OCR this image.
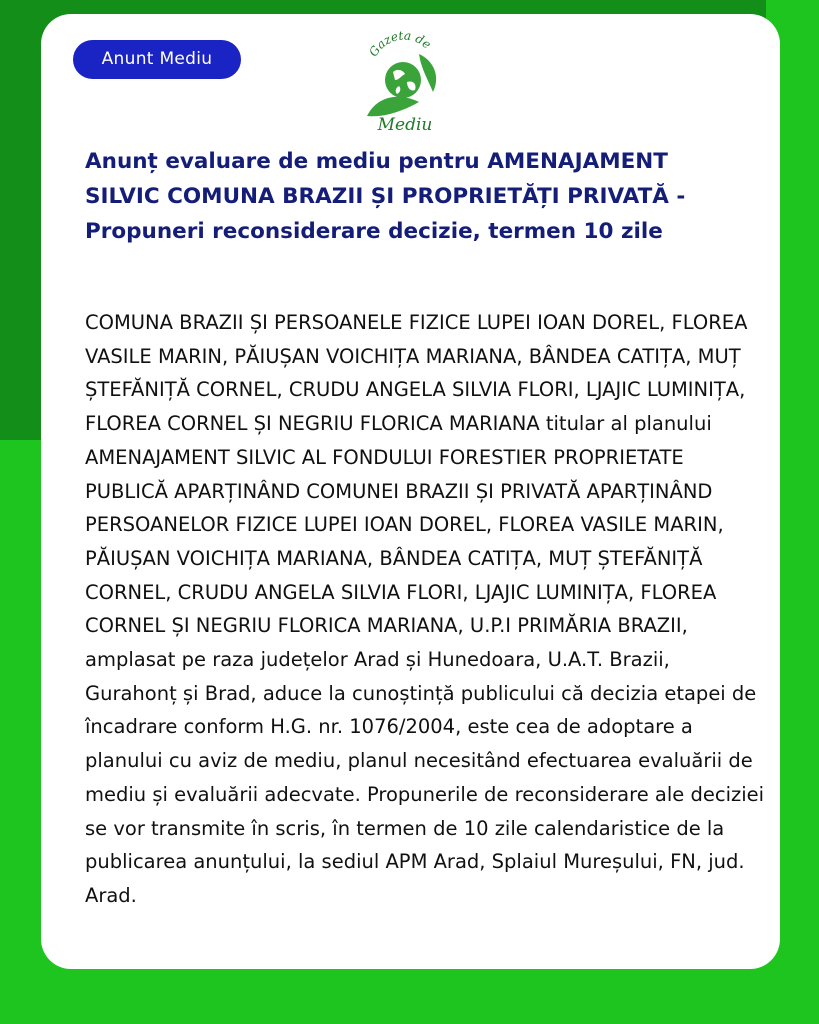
Anunt Mediu	Gazeta de
Mediu
Anunț evaluare de mediu pentru AMENAJAMENT SILVIC COMUNA BRAZII ȘI PROPRIETĂȚI PRIVATĂ - Propuneri reconsiderare decizie, termen 10 zile

COMUNA BRAZII ȘI PERSOANELE FIZICE LUPEI IOAN DOREL, FLOREA VASILE MARIN, PĂIUȘAN VOICHIȚA MARIANA, BÂNDEA CATIȚA, MUȚ ȘTEFĂNIȚĂ CORNEL, CRUDU ANGELA SILVIA FLORI, LJAJIC LUMINIȚA, FLOREA CORNEL ȘI NEGRIU FLORICA MARIANA titular al planului AMENAJAMENT SILVIC AL FONDULUI FORESTIER PROPRIETATE PUBLICĂ APARȚINÂND COMUNEI BRAZII ȘI PRIVATĂ APARȚINÂND PERSOANELOR FIZICE LUPEI IOAN DOREL, FLOREA VASILE MARIN, PĂIUȘAN VOICHIȚA MARIANA, BÂNDEA CATIȚA, MUȚ ȘTEFĂNIȚĂ CORNEL, CRUDU ANGELA SILVIA FLORI, LJAJIC LUMINIȚA, FLOREA CORNEL ȘI NEGRIU FLORICA MARIANA, U.P.I PRIMĂRIA BRAZII, amplasat pe raza județelor Arad și Hunedoara, U.A.T. Brazii, Gurahonț și Brad, aduce la cunoștință publicului că decizia etapei de încadrare conform H.G. nr. 1076/2004, este cea de adoptare a planului cu aviz de mediu, planul necesitând efectuarea evaluării de mediu și evaluării adecvate. Propunerile de reconsiderare ale deciziei se vor transmite în scris, în termen de 10 zile calendaristice de la publicarea anunțului, la sediul APM Arad, Splaiul Mureșului, FN, jud. Arad.
